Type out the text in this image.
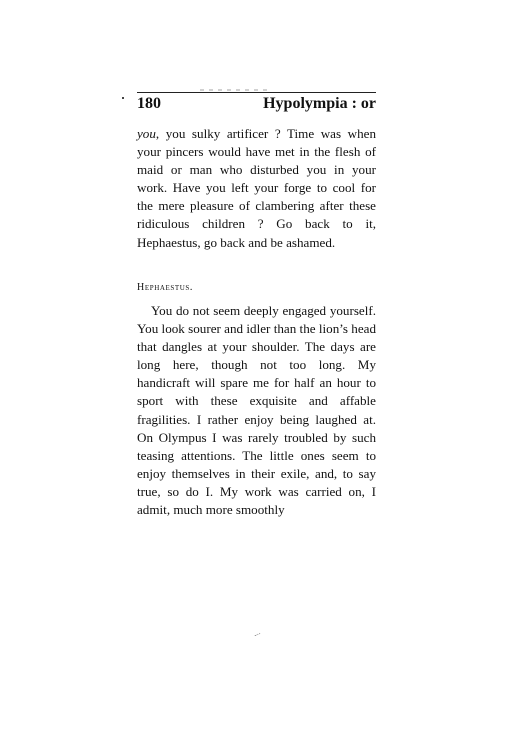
180	Hypolympia : or

you, you sulky artificer ? Time was when your pincers would have met in the flesh of maid or man who disturbed you in your work. Have you left your forge to cool for the mere pleasure of clambering after these ridiculous children ? Go back to it, Hephaestus, go back and be ashamed.

Hephaestus.

You do not seem deeply engaged yourself. You look sourer and idler than the lion’s head that dangles at your shoulder. The days are long here, though not too long. My handicraft will spare me for half an hour to sport with these exquisite and affable fragilities. I rather enjoy being laughed at. On Olympus I was rarely troubled by such teasing attentions. The little ones seem to enjoy themselves in their exile, and, to say true, so do I. My work was carried on, I admit, much more smoothly
